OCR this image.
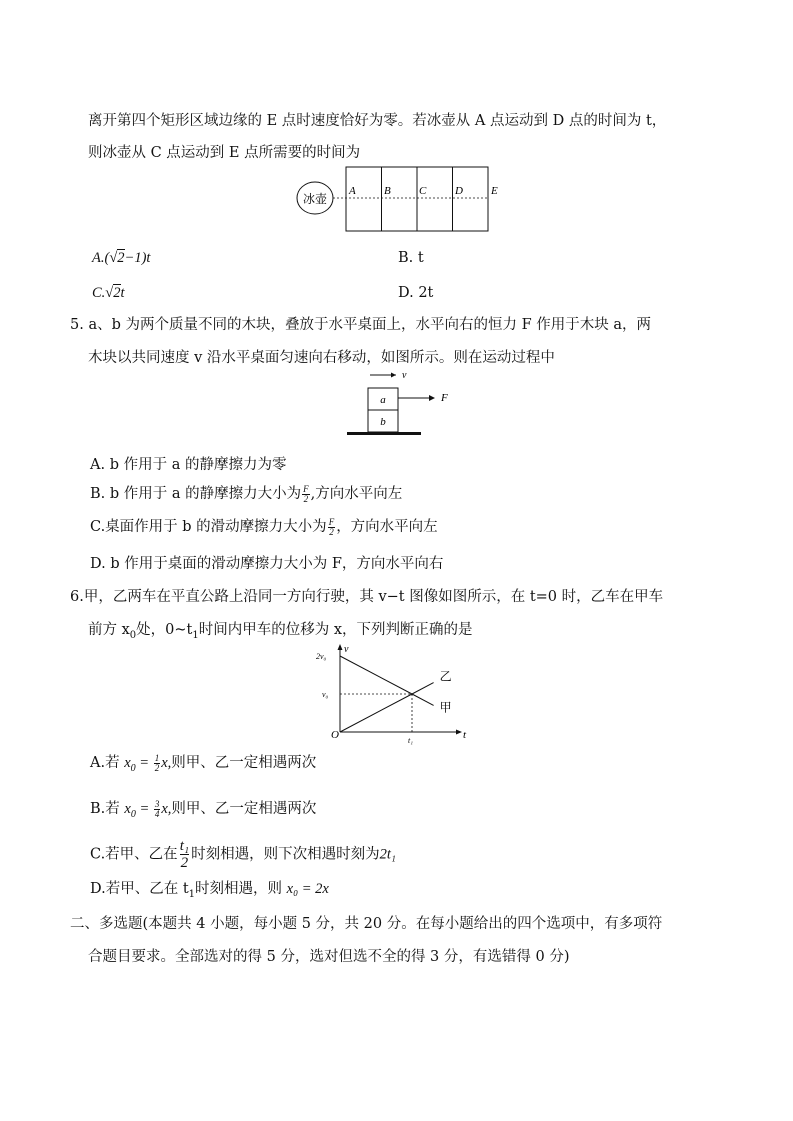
离开第四个矩形区域边缘的 E 点时速度恰好为零。若冰壶从 A 点运动到 D 点的时间为 t，
则冰壶从 C 点运动到 E 点所需要的时间为
冰壶
A	B	C	D	E
A.(√2−1)t	B. t
C.√2t	D. 2t
5. a、b 为两个质量不同的木块，叠放于水平桌面上，水平向右的恒力 F 作用于木块 a，两
木块以共同速度 v 沿水平桌面匀速向右移动，如图所示。则在运动过程中
v
a
b
F
A. b 作用于 a 的静摩擦力为零
B. b 作用于 a 的静摩擦力大小为 $\frac{F}{2}$ ,方向水平向左
C.桌面作用于 b 的滑动摩擦力大小为 $\frac{F}{2}$ ，方向水平向左
D. b 作用于桌面的滑动摩擦力大小为 F，方向水平向右
6.甲，乙两车在平直公路上沿同一方向行驶，其 v−t 图像如图所示，在 t=0 时，乙车在甲车
前方 $x_0$处，$0\sim t_1$时间内甲车的位移为 x，下列判断正确的是
乙
甲
O	t₁
v₀
2v₀
t
v
A.若 $x_0 = \frac{1}{2} x$,则甲、乙一定相遇两次
B.若 $x_0 = \frac{3}{4} x$,则甲、乙一定相遇两次
C.若甲、乙在 $\frac{\text{t₁}}{2}$ 时刻相遇，则下次相遇时刻为2t₁
D.若甲、乙在 $t_1$时刻相遇，则 x₀ = 2x
二、多选题(本题共 4 小题，每小题 5 分，共 20 分。在每小题给出的四个选项中，有多项符
合题目要求。全部选对的得 5 分，选对但选不全的得 3 分，有选错得 0 分)
